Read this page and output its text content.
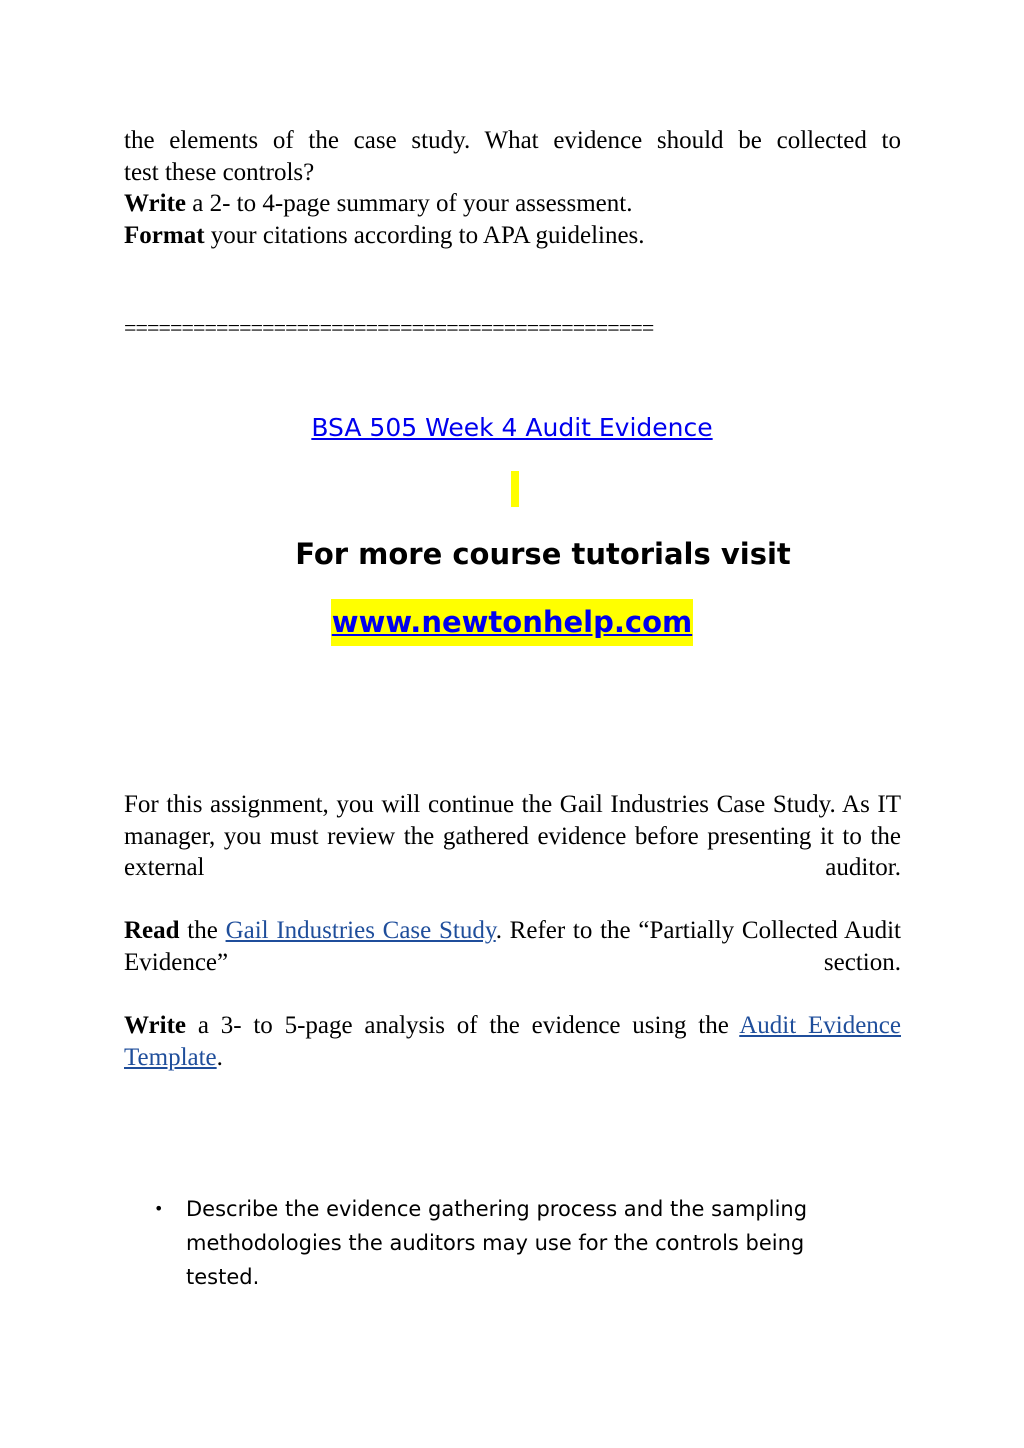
the elements of the case study. What evidence should be collected to
test these controls?
Write a 2- to 4-page summary of your assessment.
Format your citations according to APA guidelines.
==============================================
BSA 505 Week 4 Audit Evidence
For more course tutorials visit
www.newtonhelp.com
For this assignment, you will continue the Gail Industries Case Study. As IT manager, you must review the gathered evidence before presenting it to the external auditor.
Read the Gail Industries Case Study. Refer to the “Partially Collected Audit Evidence” section.
Write a 3- to 5-page analysis of the evidence using the Audit Evidence Template.
• Describe the evidence gathering process and the sampling methodologies the auditors may use for the controls being tested.
